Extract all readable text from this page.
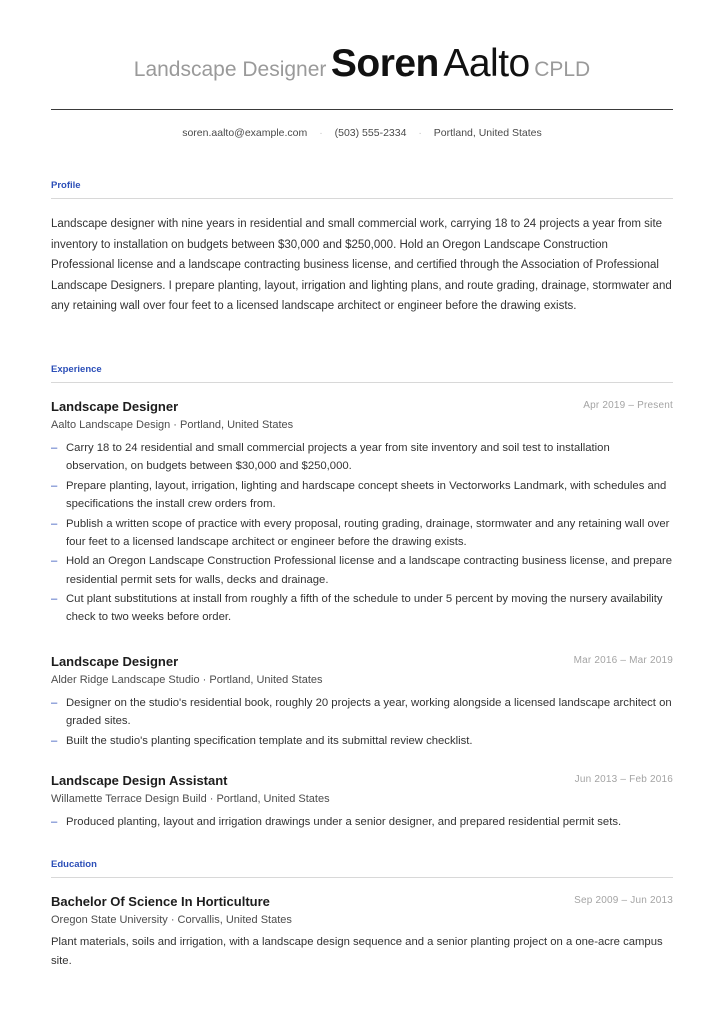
Landscape Designer Soren Aalto CPLD
soren.aalto@example.com · (503) 555-2334 · Portland, United States
Profile
Landscape designer with nine years in residential and small commercial work, carrying 18 to 24 projects a year from site inventory to installation on budgets between $30,000 and $250,000. Hold an Oregon Landscape Construction Professional license and a landscape contracting business license, and certified through the Association of Professional Landscape Designers. I prepare planting, layout, irrigation and lighting plans, and route grading, drainage, stormwater and any retaining wall over four feet to a licensed landscape architect or engineer before the drawing exists.
Experience
Landscape Designer	Apr 2019 – Present
Aalto Landscape Design · Portland, United States
– Carry 18 to 24 residential and small commercial projects a year from site inventory and soil test to installation observation, on budgets between $30,000 and $250,000.
– Prepare planting, layout, irrigation, lighting and hardscape concept sheets in Vectorworks Landmark, with schedules and specifications the install crew orders from.
– Publish a written scope of practice with every proposal, routing grading, drainage, stormwater and any retaining wall over four feet to a licensed landscape architect or engineer before the drawing exists.
– Hold an Oregon Landscape Construction Professional license and a landscape contracting business license, and prepare residential permit sets for walls, decks and drainage.
– Cut plant substitutions at install from roughly a fifth of the schedule to under 5 percent by moving the nursery availability check to two weeks before order.
Landscape Designer	Mar 2016 – Mar 2019
Alder Ridge Landscape Studio · Portland, United States
– Designer on the studio's residential book, roughly 20 projects a year, working alongside a licensed landscape architect on graded sites.
– Built the studio's planting specification template and its submittal review checklist.
Landscape Design Assistant	Jun 2013 – Feb 2016
Willamette Terrace Design Build · Portland, United States
– Produced planting, layout and irrigation drawings under a senior designer, and prepared residential permit sets.
Education
Bachelor Of Science In Horticulture	Sep 2009 – Jun 2013
Oregon State University · Corvallis, United States
Plant materials, soils and irrigation, with a landscape design sequence and a senior planting project on a one-acre campus site.
